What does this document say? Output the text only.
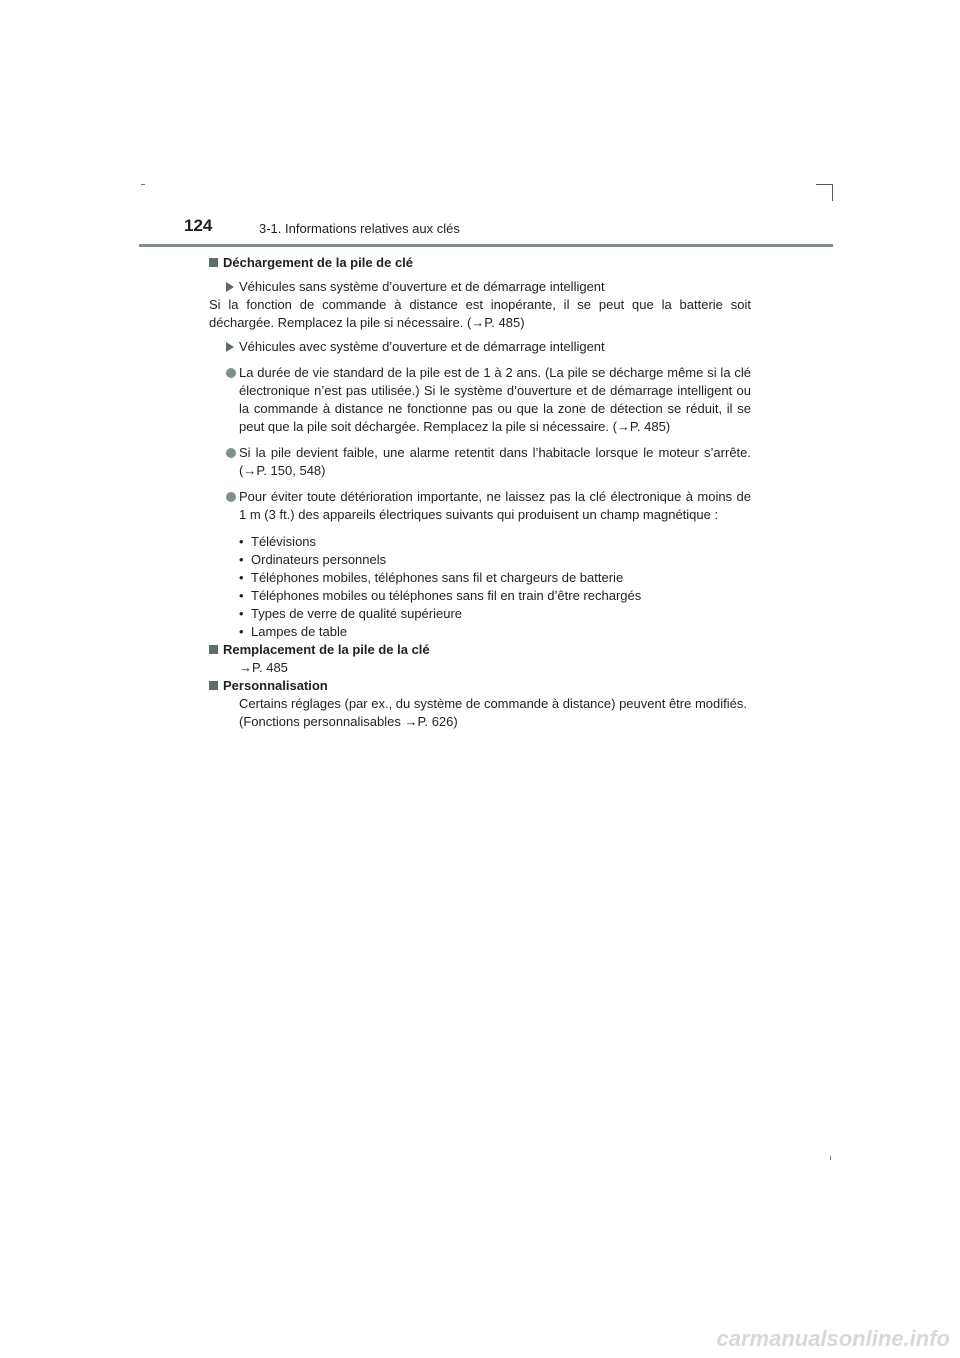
124	3-1. Informations relatives aux clés

Déchargement de la pile de clé

Véhicules sans système d’ouverture et de démarrage intelligent

Si la fonction de commande à distance est inopérante, il se peut que la batterie soit déchargée. Remplacez la pile si nécessaire. (→P. 485)

Véhicules avec système d’ouverture et de démarrage intelligent
La durée de vie standard de la pile est de 1 à 2 ans. (La pile se décharge même si la clé électronique n’est pas utilisée.) Si le système d’ouverture et de démarrage intelligent ou la commande à distance ne fonctionne pas ou que la zone de détection se réduit, il se peut que la pile soit déchargée. Remplacez la pile si nécessaire. (→P. 485)
Si la pile devient faible, une alarme retentit dans l’habitacle lorsque le moteur s’arrête. (→P. 150, 548)
Pour éviter toute détérioration importante, ne laissez pas la clé électronique à moins de 1 m (3 ft.) des appareils électriques suivants qui produisent un champ magnétique :
• Télévisions
• Ordinateurs personnels
• Téléphones mobiles, téléphones sans fil et chargeurs de batterie
• Téléphones mobiles ou téléphones sans fil en train d’être rechargés
• Types de verre de qualité supérieure
• Lampes de table

Remplacement de la pile de la clé

→P. 485

Personnalisation

Certains réglages (par ex., du système de commande à distance) peuvent être modifiés.

(Fonctions personnalisables →P. 626)

carmanualsonline.info
